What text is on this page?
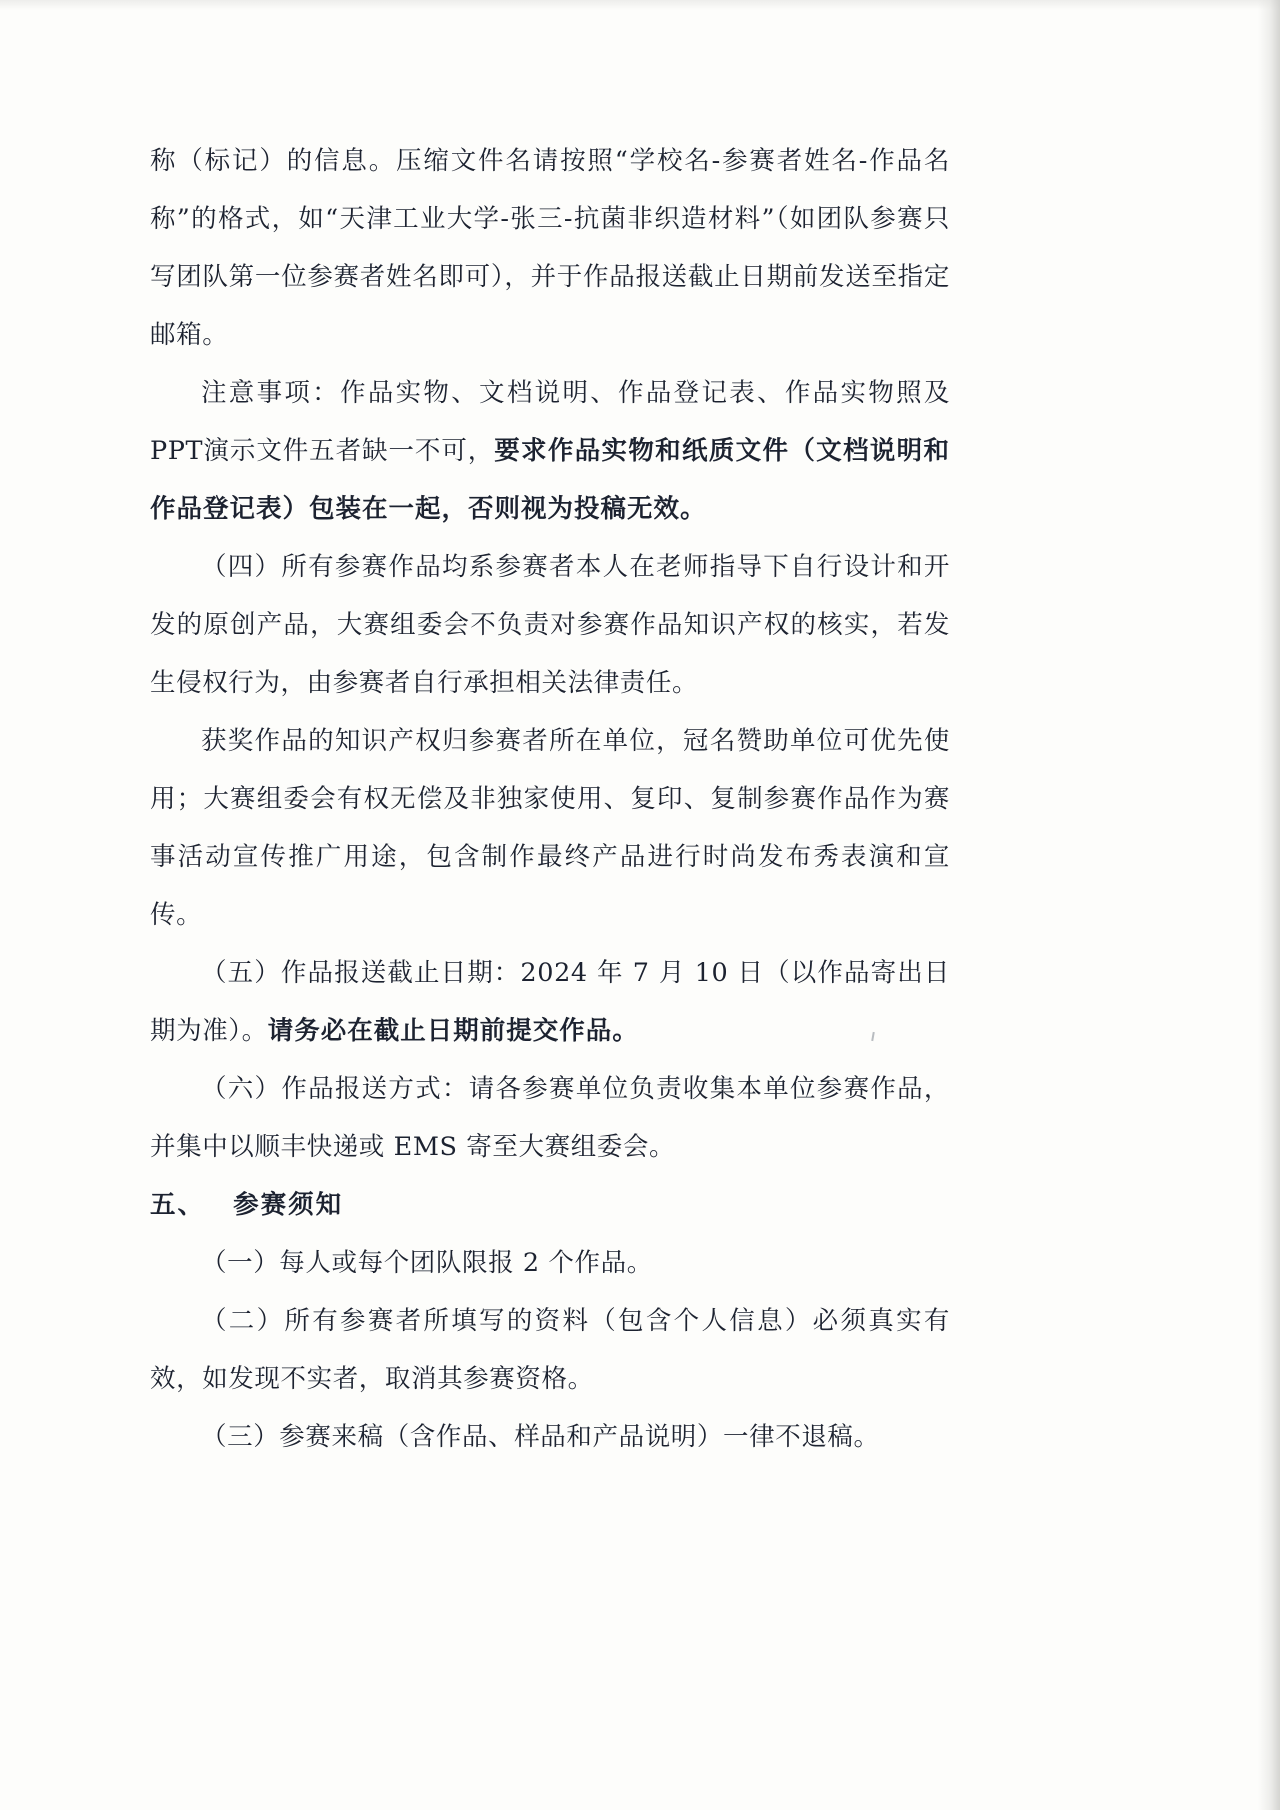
称（标记）的信息。压缩文件名请按照“学校名-参赛者姓名-作品名称”的格式，如“天津工业大学-张三-抗菌非织造材料”（如团队参赛只写团队第一位参赛者姓名即可），并于作品报送截止日期前发送至指定邮箱。

注意事项：作品实物、文档说明、作品登记表、作品实物照及PPT演示文件五者缺一不可，要求作品实物和纸质文件（文档说明和作品登记表）包装在一起，否则视为投稿无效。

（四）所有参赛作品均系参赛者本人在老师指导下自行设计和开发的原创产品，大赛组委会不负责对参赛作品知识产权的核实，若发生侵权行为，由参赛者自行承担相关法律责任。

获奖作品的知识产权归参赛者所在单位，冠名赞助单位可优先使用；大赛组委会有权无偿及非独家使用、复印、复制参赛作品作为赛事活动宣传推广用途，包含制作最终产品进行时尚发布秀表演和宣传。

（五）作品报送截止日期：2024 年 7 月 10 日（以作品寄出日期为准）。请务必在截止日期前提交作品。

（六）作品报送方式：请各参赛单位负责收集本单位参赛作品，并集中以顺丰快递或 EMS 寄至大赛组委会。

五、 参赛须知

（一）每人或每个团队限报 2 个作品。

（二）所有参赛者所填写的资料（包含个人信息）必须真实有效，如发现不实者，取消其参赛资格。

（三）参赛来稿（含作品、样品和产品说明）一律不退稿。
